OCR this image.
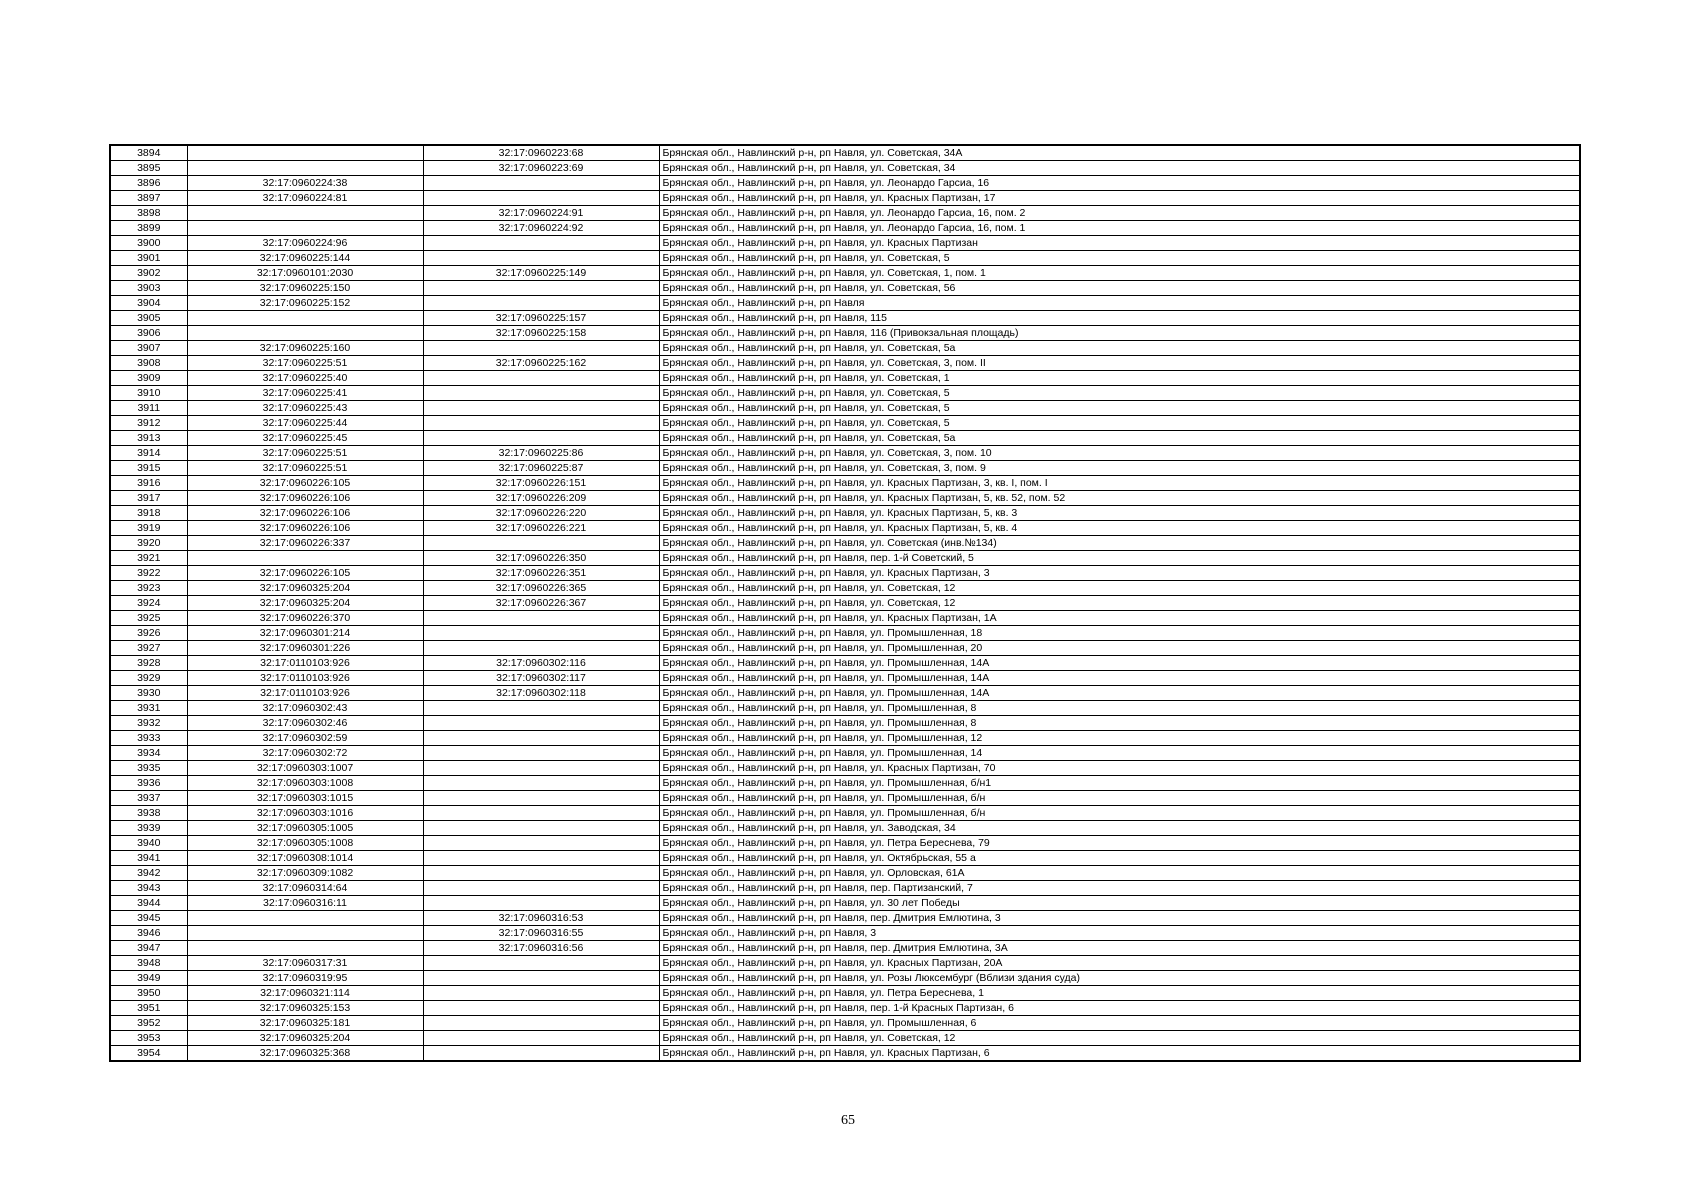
3894		32:17:0960223:68	Брянская обл., Навлинский р-н, рп Навля, ул. Советская, 34А
3895		32:17:0960223:69	Брянская обл., Навлинский р-н, рп Навля, ул. Советская, 34
3896	32:17:0960224:38		Брянская обл., Навлинский р-н, рп Навля, ул. Леонардо Гарсиа, 16
3897	32:17:0960224:81		Брянская обл., Навлинский р-н, рп Навля, ул. Красных Партизан, 17
3898		32:17:0960224:91	Брянская обл., Навлинский р-н, рп Навля, ул. Леонардо Гарсиа, 16, пом. 2
3899		32:17:0960224:92	Брянская обл., Навлинский р-н, рп Навля, ул. Леонардо Гарсиа, 16, пом. 1
3900	32:17:0960224:96		Брянская обл., Навлинский р-н, рп Навля, ул. Красных Партизан
3901	32:17:0960225:144		Брянская обл., Навлинский р-н, рп Навля, ул. Советская, 5
3902	32:17:0960101:2030	32:17:0960225:149	Брянская обл., Навлинский р-н, рп Навля, ул. Советская, 1, пом. 1
3903	32:17:0960225:150		Брянская обл., Навлинский р-н, рп Навля, ул. Советская, 56
3904	32:17:0960225:152		Брянская обл., Навлинский р-н, рп Навля
3905		32:17:0960225:157	Брянская обл., Навлинский р-н, рп Навля, 115
3906		32:17:0960225:158	Брянская обл., Навлинский р-н, рп Навля, 116 (Привокзальная площадь)
3907	32:17:0960225:160		Брянская обл., Навлинский р-н, рп Навля, ул. Советская, 5а
3908	32:17:0960225:51	32:17:0960225:162	Брянская обл., Навлинский р-н, рп Навля, ул. Советская, 3, пом. II
3909	32:17:0960225:40		Брянская обл., Навлинский р-н, рп Навля, ул. Советская, 1
3910	32:17:0960225:41		Брянская обл., Навлинский р-н, рп Навля, ул. Советская, 5
3911	32:17:0960225:43		Брянская обл., Навлинский р-н, рп Навля, ул. Советская, 5
3912	32:17:0960225:44		Брянская обл., Навлинский р-н, рп Навля, ул. Советская, 5
3913	32:17:0960225:45		Брянская обл., Навлинский р-н, рп Навля, ул. Советская, 5а
3914	32:17:0960225:51	32:17:0960225:86	Брянская обл., Навлинский р-н, рп Навля, ул. Советская, 3, пом. 10
3915	32:17:0960225:51	32:17:0960225:87	Брянская обл., Навлинский р-н, рп Навля, ул. Советская, 3, пом. 9
3916	32:17:0960226:105	32:17:0960226:151	Брянская обл., Навлинский р-н, рп Навля, ул. Красных Партизан, 3, кв. I, пом. I
3917	32:17:0960226:106	32:17:0960226:209	Брянская обл., Навлинский р-н, рп Навля, ул. Красных Партизан, 5, кв. 52, пом. 52
3918	32:17:0960226:106	32:17:0960226:220	Брянская обл., Навлинский р-н, рп Навля, ул. Красных Партизан, 5, кв. 3
3919	32:17:0960226:106	32:17:0960226:221	Брянская обл., Навлинский р-н, рп Навля, ул. Красных Партизан, 5, кв. 4
3920	32:17:0960226:337		Брянская обл., Навлинский р-н, рп Навля, ул. Советская (инв.№134)
3921		32:17:0960226:350	Брянская обл., Навлинский р-н, рп Навля, пер. 1-й Советский, 5
3922	32:17:0960226:105	32:17:0960226:351	Брянская обл., Навлинский р-н, рп Навля, ул. Красных Партизан, 3
3923	32:17:0960325:204	32:17:0960226:365	Брянская обл., Навлинский р-н, рп Навля, ул. Советская, 12
3924	32:17:0960325:204	32:17:0960226:367	Брянская обл., Навлинский р-н, рп Навля, ул. Советская, 12
3925	32:17:0960226:370		Брянская обл., Навлинский р-н, рп Навля, ул. Красных Партизан, 1А
3926	32:17:0960301:214		Брянская обл., Навлинский р-н, рп Навля, ул. Промышленная, 18
3927	32:17:0960301:226		Брянская обл., Навлинский р-н, рп Навля, ул. Промышленная, 20
3928	32:17:0110103:926	32:17:0960302:116	Брянская обл., Навлинский р-н, рп Навля, ул. Промышленная, 14А
3929	32:17:0110103:926	32:17:0960302:117	Брянская обл., Навлинский р-н, рп Навля, ул. Промышленная, 14А
3930	32:17:0110103:926	32:17:0960302:118	Брянская обл., Навлинский р-н, рп Навля, ул. Промышленная, 14А
3931	32:17:0960302:43		Брянская обл., Навлинский р-н, рп Навля, ул. Промышленная, 8
3932	32:17:0960302:46		Брянская обл., Навлинский р-н, рп Навля, ул. Промышленная, 8
3933	32:17:0960302:59		Брянская обл., Навлинский р-н, рп Навля, ул. Промышленная, 12
3934	32:17:0960302:72		Брянская обл., Навлинский р-н, рп Навля, ул. Промышленная, 14
3935	32:17:0960303:1007		Брянская обл., Навлинский р-н, рп Навля, ул. Красных Партизан, 70
3936	32:17:0960303:1008		Брянская обл., Навлинский р-н, рп Навля, ул. Промышленная, б/н1
3937	32:17:0960303:1015		Брянская обл., Навлинский р-н, рп Навля, ул. Промышленная, б/н
3938	32:17:0960303:1016		Брянская обл., Навлинский р-н, рп Навля, ул. Промышленная, б/н
3939	32:17:0960305:1005		Брянская обл., Навлинский р-н, рп Навля, ул. Заводская, 34
3940	32:17:0960305:1008		Брянская обл., Навлинский р-н, рп Навля, ул. Петра Береснева, 79
3941	32:17:0960308:1014		Брянская обл., Навлинский р-н, рп Навля, ул. Октябрьская, 55 а
3942	32:17:0960309:1082		Брянская обл., Навлинский р-н, рп Навля, ул. Орловская, 61А
3943	32:17:0960314:64		Брянская обл., Навлинский р-н, рп Навля, пер. Партизанский, 7
3944	32:17:0960316:11		Брянская обл., Навлинский р-н, рп Навля, ул. 30 лет Победы
3945		32:17:0960316:53	Брянская обл., Навлинский р-н, рп Навля, пер. Дмитрия Емлютина, 3
3946		32:17:0960316:55	Брянская обл., Навлинский р-н, рп Навля, 3
3947		32:17:0960316:56	Брянская обл., Навлинский р-н, рп Навля, пер. Дмитрия Емлютина, 3А
3948	32:17:0960317:31		Брянская обл., Навлинский р-н, рп Навля, ул. Красных Партизан, 20А
3949	32:17:0960319:95		Брянская обл., Навлинский р-н, рп Навля, ул. Розы Люксембург (Вблизи здания суда)
3950	32:17:0960321:114		Брянская обл., Навлинский р-н, рп Навля, ул. Петра Береснева, 1
3951	32:17:0960325:153		Брянская обл., Навлинский р-н, рп Навля, пер. 1-й Красных Партизан, 6
3952	32:17:0960325:181		Брянская обл., Навлинский р-н, рп Навля, ул. Промышленная, 6
3953	32:17:0960325:204		Брянская обл., Навлинский р-н, рп Навля, ул. Советская, 12
3954	32:17:0960325:368		Брянская обл., Навлинский р-н, рп Навля, ул. Красных Партизан, 6
65
